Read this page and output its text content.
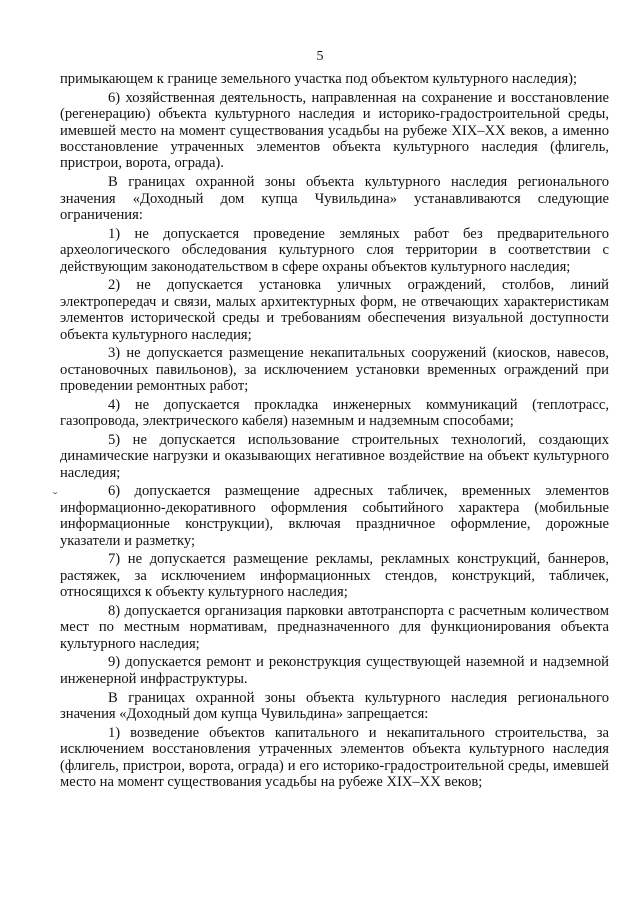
5
ˬ

примыкающем к границе земельного участка под объектом культурного наследия);

6) хозяйственная деятельность, направленная на сохранение и восстановление (регенерацию) объекта культурного наследия и историко-градостроительной среды, имевшей место на момент существования усадьбы на рубеже XIX–XX веков, а именно восстановление утраченных элементов объекта культурного наследия (флигель, пристрои, ворота, ограда).

В границах охранной зоны объекта культурного наследия регионального значения «Доходный дом купца Чувильдина» устанавливаются следующие ограничения:

1) не допускается проведение земляных работ без предварительного археологического обследования культурного слоя территории в соответствии с действующим законодательством в сфере охраны объектов культурного наследия;

2) не допускается установка уличных ограждений, столбов, линий электропередач и связи, малых архитектурных форм, не отвечающих характеристикам элементов исторической среды и требованиям обеспечения визуальной доступности объекта культурного наследия;

3) не допускается размещение некапитальных сооружений (киосков, навесов, остановочных павильонов), за исключением установки временных ограждений при проведении ремонтных работ;

4) не допускается прокладка инженерных коммуникаций (теплотрасс, газопровода, электрического кабеля) наземным и надземным способами;

5) не допускается использование строительных технологий, создающих динамические нагрузки и оказывающих негативное воздействие на объект культурного наследия;

6) допускается размещение адресных табличек, временных элементов информационно-декоративного оформления событийного характера (мобильные информационные конструкции), включая праздничное оформление, дорожные указатели и разметку;

7) не допускается размещение рекламы, рекламных конструкций, баннеров, растяжек, за исключением информационных стендов, конструкций, табличек, относящихся к объекту культурного наследия;

8) допускается организация парковки автотранспорта с расчетным количеством мест по местным нормативам, предназначенного для функционирования объекта культурного наследия;

9) допускается ремонт и реконструкция существующей наземной и надземной инженерной инфраструктуры.

В границах охранной зоны объекта культурного наследия регионального значения «Доходный дом купца Чувильдина» запрещается:

1) возведение объектов капитального и некапитального строительства, за исключением восстановления утраченных элементов объекта культурного наследия (флигель, пристрои, ворота, ограда) и его историко-градостроительной среды, имевшей место на момент существования усадьбы на рубеже XIX–XX веков;
